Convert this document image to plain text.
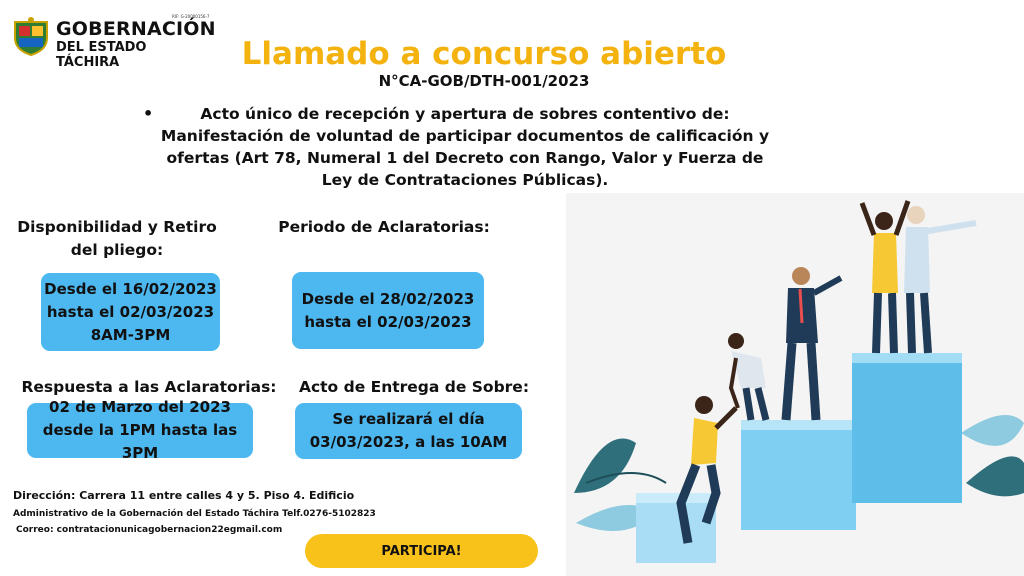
RIF: G-20000156-7
GOBERNACIÓN
DEL ESTADO TÁCHIRA	Llamado a concurso abierto
N°CA-GOB/DTH-001/2023
•	Acto único de recepción y apertura de sobres contentivo de: Manifestación de voluntad de participar documentos de calificación y ofertas (Art 78, Numeral 1 del Decreto con Rango, Valor y Fuerza de Ley de Contrataciones Públicas).
Disponibilidad y Retiro
del pliego:
Desde el 16/02/2023
hasta el 02/03/2023
8AM-3PM
Periodo de Aclaratorias:
Desde el 28/02/2023
hasta el 02/03/2023
Respuesta a las Aclaratorias:
02 de Marzo del 2023
desde la 1PM hasta las 3PM
Acto de Entrega de Sobre:
Se realizará el día
03/03/2023, a las 10AM
Dirección: Carrera 11 entre calles 4 y 5. Piso 4. Edificio
Administrativo de la Gobernación del Estado Táchira Telf.0276-5102823
Correo: contratacionunicagobernacion22egmail.com
PARTICIPA!
